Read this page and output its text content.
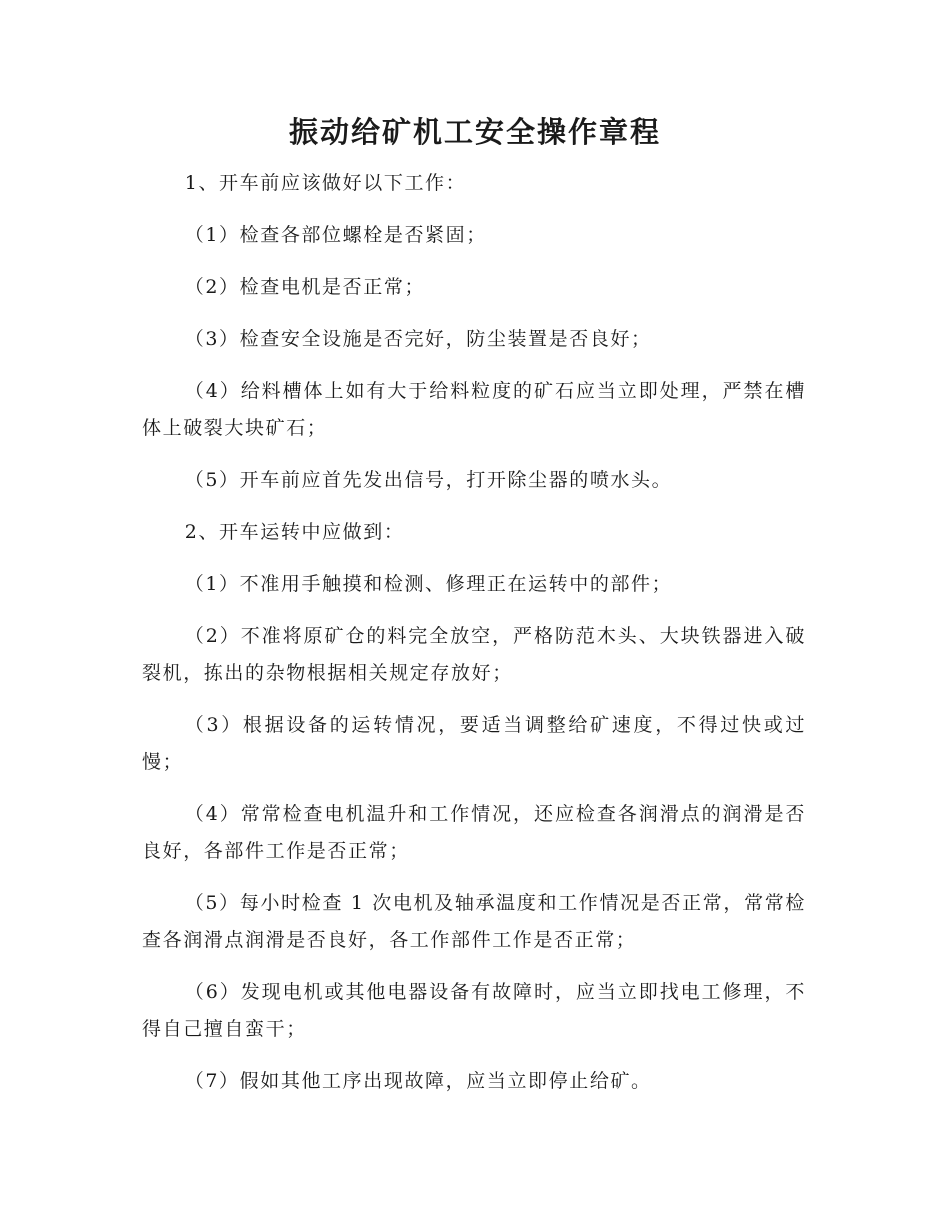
振动给矿机工安全操作章程

1、开车前应该做好以下工作：

（1）检查各部位螺栓是否紧固；

（2）检查电机是否正常；

（3）检查安全设施是否完好，防尘装置是否良好；

（4）给料槽体上如有大于给料粒度的矿石应当立即处理，严禁在槽体上破裂大块矿石；

（5）开车前应首先发出信号，打开除尘器的喷水头。

2、开车运转中应做到：

（1）不准用手触摸和检测、修理正在运转中的部件；

（2）不准将原矿仓的料完全放空，严格防范木头、大块铁器进入破裂机，拣出的杂物根据相关规定存放好；

（3）根据设备的运转情况，要适当调整给矿速度，不得过快或过慢；

（4）常常检查电机温升和工作情况，还应检查各润滑点的润滑是否良好，各部件工作是否正常；

（5）每小时检查 1 次电机及轴承温度和工作情况是否正常，常常检查各润滑点润滑是否良好，各工作部件工作是否正常；

（6）发现电机或其他电器设备有故障时，应当立即找电工修理，不得自己擅自蛮干；

（7）假如其他工序出现故障，应当立即停止给矿。
